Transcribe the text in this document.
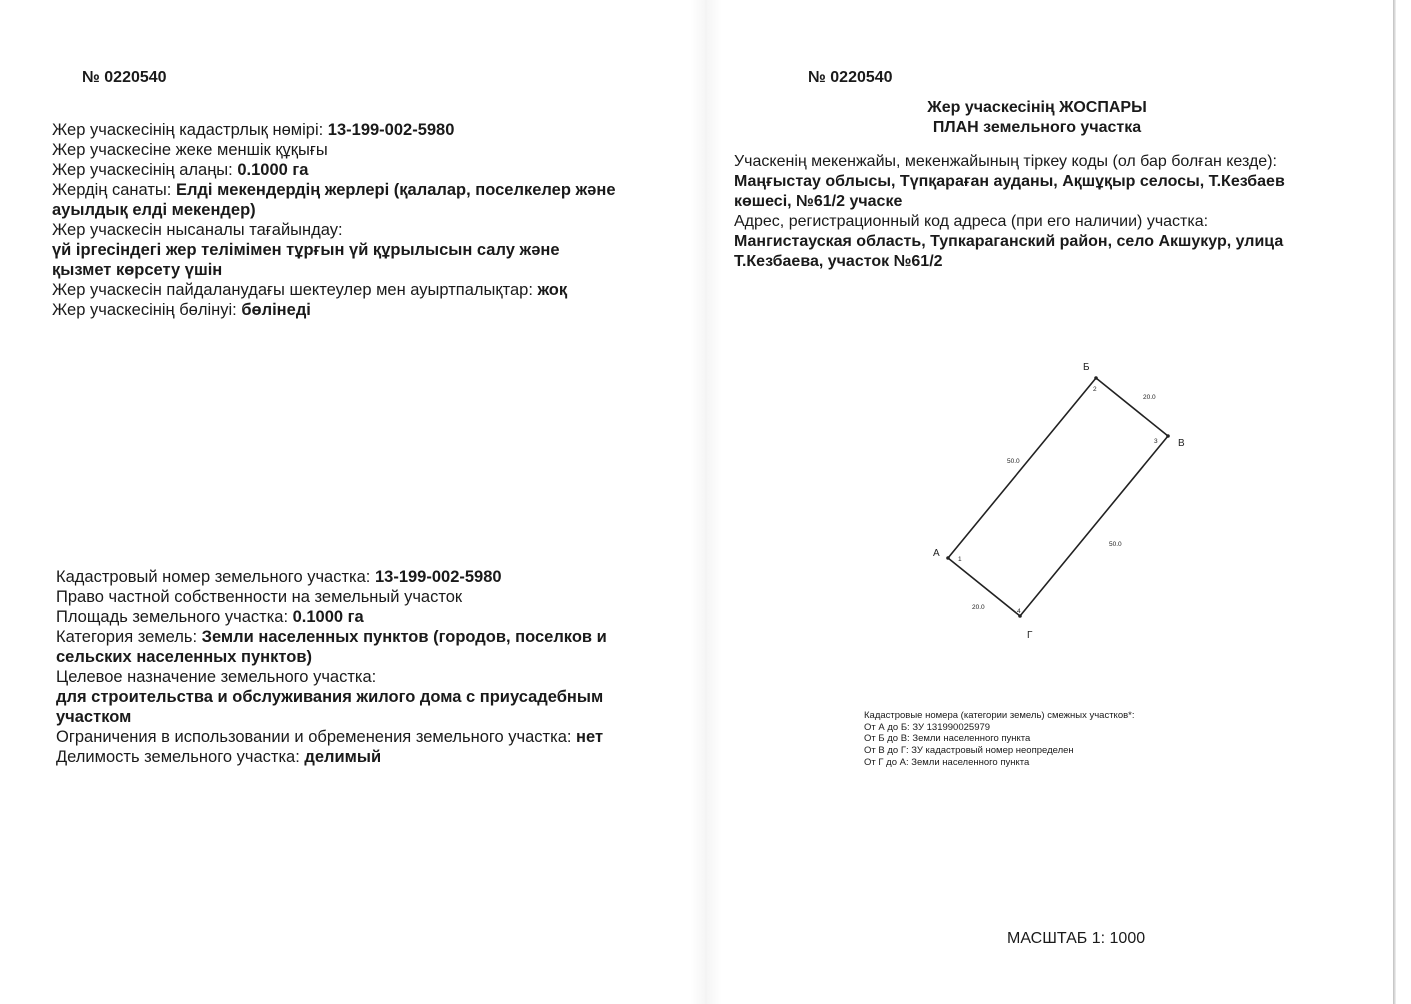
№ 0220540
Жер учаскесінің кадастрлық нөмірі: 13-199-002-5980
Жер учаскесіне жеке меншік құқығы
Жер учаскесінің алаңы: 0.1000 га
Жердің санаты: Елді мекендердің жерлері (қалалар, поселкелер және
ауылдық елді мекендер)
Жер учаскесін нысаналы тағайындау:
үй іргесіндегі жер телімімен тұрғын үй құрылысын салу және
қызмет көрсету үшін
Жер учаскесін пайдаланудағы шектеулер мен ауыртпалықтар: жоқ
Жер учаскесінің бөлінуі: бөлінеді
Кадастровый номер земельного участка: 13-199-002-5980
Право частной собственности на земельный участок
Площадь земельного участка: 0.1000 га
Категория земель: Земли населенных пунктов (городов, поселков и
сельских населенных пунктов)
Целевое назначение земельного участка:
для строительства и обслуживания жилого дома с приусадебным
участком
Ограничения в использовании и обременения земельного участка: нет
Делимость земельного участка: делимый
№ 0220540
Жер учаскесінің ЖОСПАРЫ
ПЛАН земельного участка
Учаскенің мекенжайы, мекенжайының тіркеу коды (ол бар болған кезде):
Маңғыстау облысы, Түпқараған ауданы, Ақшұқыр селосы, Т.Кезбаев
көшесі, №61/2 учаске
Адрес, регистрационный код адреса (при его наличии) участка:
Мангистауская область, Тупкараганский район, село Акшукур, улица
Т.Кезбаева, участок №61/2
А
1
Б
2
В
3
Г
4
50.0
20.0
50.0
20.0
Кадастровые номера (категории земель) смежных участков*:
От А до Б: ЗУ 131990025979
От Б до В: Земли населенного пункта
От В до Г: ЗУ кадастровый номер неопределен
От Г до А: Земли населенного пункта
МАСШТАБ 1: 1000
